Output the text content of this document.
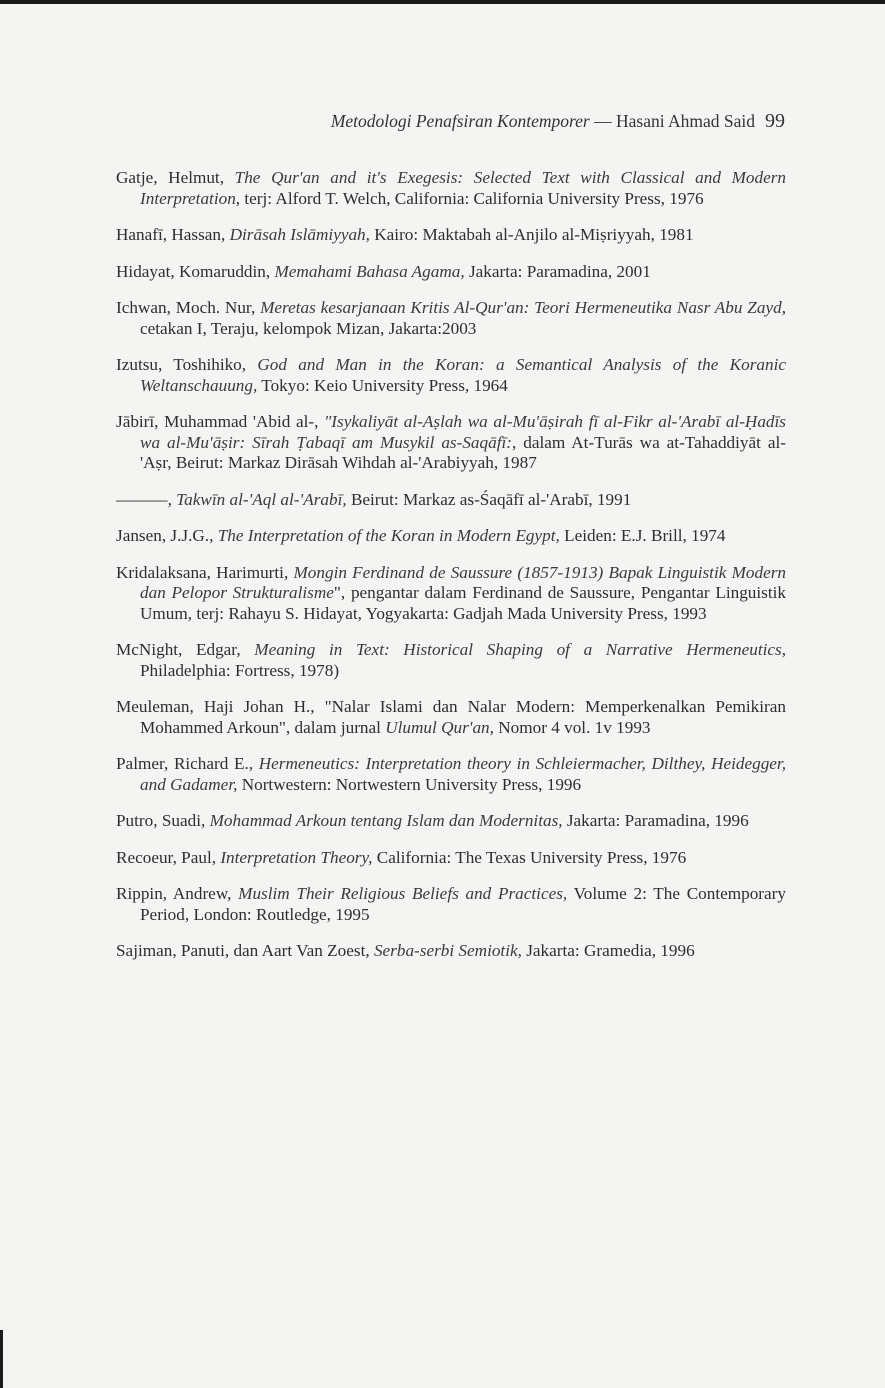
Metodologi Penafsiran Kontemporer — Hasani Ahmad Said 99

Gatje, Helmut, The Qur'an and it's Exegesis: Selected Text with Classical and Modern Interpretation, terj: Alford T. Welch, California: California University Press, 1976

Hanafī, Hassan, Dirāsah Islāmiyyah, Kairo: Maktabah al-Anjilo al-Miṣriyyah, 1981

Hidayat, Komaruddin, Memahami Bahasa Agama, Jakarta: Paramadina, 2001

Ichwan, Moch. Nur, Meretas kesarjanaan Kritis Al-Qur'an: Teori Hermeneutika Nasr Abu Zayd, cetakan I, Teraju, kelompok Mizan, Jakarta:2003

Izutsu, Toshihiko, God and Man in the Koran: a Semantical Analysis of the Koranic Weltanschauung, Tokyo: Keio University Press, 1964

Jābirī, Muhammad 'Abid al-, "Isykaliyāt al-Aṣlah wa al-Mu'āṣirah fī al-Fikr al-'Arabī al-Ḥadīs wa al-Mu'āṣir: Sīrah Ṭabaqī am Musykil as-Saqāfī:, dalam At-Turās wa at-Tahaddiyāt al-'Aṣr, Beirut: Markaz Dirāsah Wihdah al-'Arabiyyah, 1987

———, Takwīn al-'Aql al-'Arabī, Beirut: Markaz as-Śaqāfī al-'Arabī, 1991

Jansen, J.J.G., The Interpretation of the Koran in Modern Egypt, Leiden: E.J. Brill, 1974

Kridalaksana, Harimurti, Mongin Ferdinand de Saussure (1857-1913) Bapak Linguistik Modern dan Pelopor Strukturalisme", pengantar dalam Ferdinand de Saussure, Pengantar Linguistik Umum, terj: Rahayu S. Hidayat, Yogyakarta: Gadjah Mada University Press, 1993

McNight, Edgar, Meaning in Text: Historical Shaping of a Narrative Hermeneutics, Philadelphia: Fortress, 1978)

Meuleman, Haji Johan H., "Nalar Islami dan Nalar Modern: Memperkenalkan Pemikiran Mohammed Arkoun", dalam jurnal Ulumul Qur'an, Nomor 4 vol. 1v 1993

Palmer, Richard E., Hermeneutics: Interpretation theory in Schleiermacher, Dilthey, Heidegger, and Gadamer, Nortwestern: Nortwestern University Press, 1996

Putro, Suadi, Mohammad Arkoun tentang Islam dan Modernitas, Jakarta: Paramadina, 1996

Recoeur, Paul, Interpretation Theory, California: The Texas University Press, 1976

Rippin, Andrew, Muslim Their Religious Beliefs and Practices, Volume 2: The Contemporary Period, London: Routledge, 1995

Sajiman, Panuti, dan Aart Van Zoest, Serba-serbi Semiotik, Jakarta: Gramedia, 1996
